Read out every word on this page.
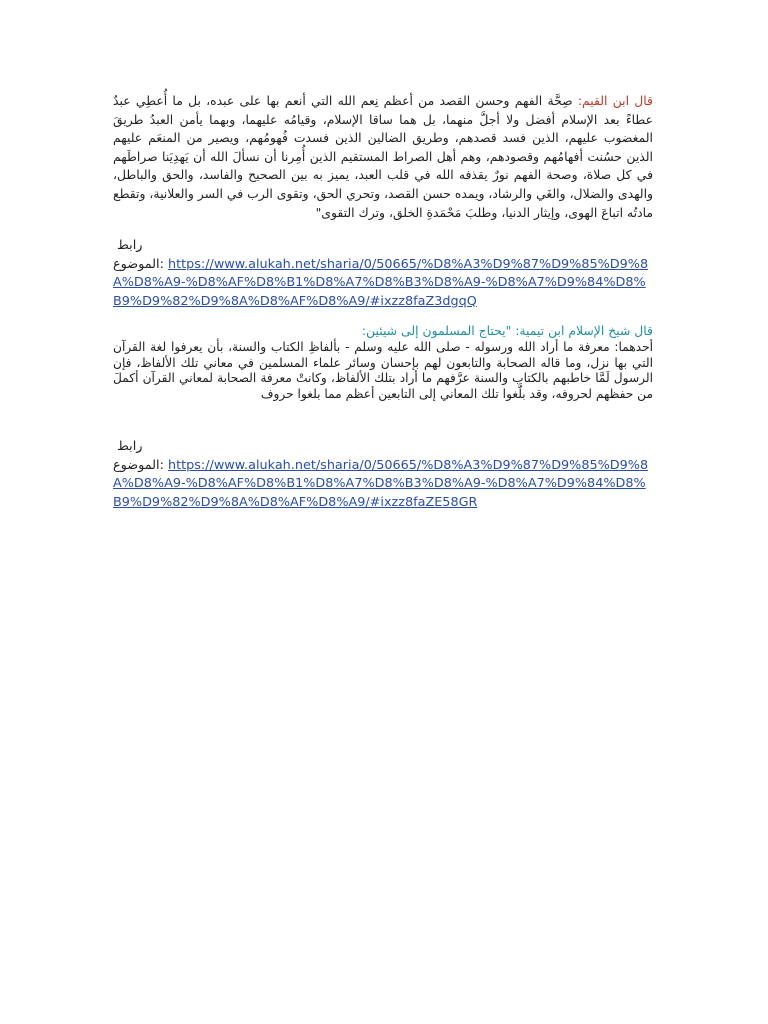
قال ابن القيم: صِحَّة الفهم وحسن القصد من أعظم نِعم الله التي أنعم بها على عبده، بل ما أُعطِي عبدٌ عطاءً بعد الإسلام أفضل ولا أجلَّ منهما، بل هما ساقا الإسلام، وقيامُه عليهما، وبهما يأمن العبدُ طريقَ المغضوب عليهم، الذين فسد قصدهم، وطريق الضالين الذين فسدت فُهومُهم، ويصير من المنعَم عليهم الذين حسُنت أفهامُهم وقصودهم، وهم أهل الصراط المستقيم الذين أُمِرنا أن نسألَ الله أن يَهدِيَنا صراطَهم في كل صلاة، وصحة الفهم نورٌ يقذفه الله في قلب العبد، يميز به بين الصحيح والفاسد، والحق والباطل، والهدى والضلال، والغَي والرشاد، ويمده حسن القصد، وتحري الحق، وتقوى الرب في السر والعلانية، وتقطع مادتُه اتباعَ الهوى، وإيثار الدنيا، وطلبَ مَحْمَدةِ الخلق، وترك التقوى"

رابط
الموضوع: https://www.alukah.net/sharia/0/50665/%D8%A3%D9%87%D9%85%D9%8A%D8%A9-%D8%AF%D8%B1%D8%A7%D8%B3%D8%A9-%D8%A7%D9%84%D8%B9%D9%82%D9%8A%D8%AF%D8%A9/#ixzz8faZ3dgqQ

قال شيخ الإسلام ابن تيمية: "يحتاج المسلمون إلى شيئين:

أحدهما: معرفة ما أراد الله ورسوله - صلى الله عليه وسلم - بألفاظِ الكتاب والسنة، بأن يعرفوا لغة القرآن التي بها نزل، وما قاله الصحابة والتابعون لهم بإحسان وسائر علماء المسلمين في معاني تلك الألفاظ، فإن الرسول لَمَّا خاطبهم بالكتاب والسنة عرَّفهم ما أراد بتلك الألفاظ، وكانتْ معرفة الصحابة لمعاني القرآن أكملَ من حفظهم لحروفه، وقد بلَّغوا تلك المعاني إلى التابعين أعظم مما بلغوا حروف

رابط
الموضوع: https://www.alukah.net/sharia/0/50665/%D8%A3%D9%87%D9%85%D9%8A%D8%A9-%D8%AF%D8%B1%D8%A7%D8%B3%D8%A9-%D8%A7%D9%84%D8%B9%D9%82%D9%8A%D8%AF%D8%A9/#ixzz8faZE58GR
